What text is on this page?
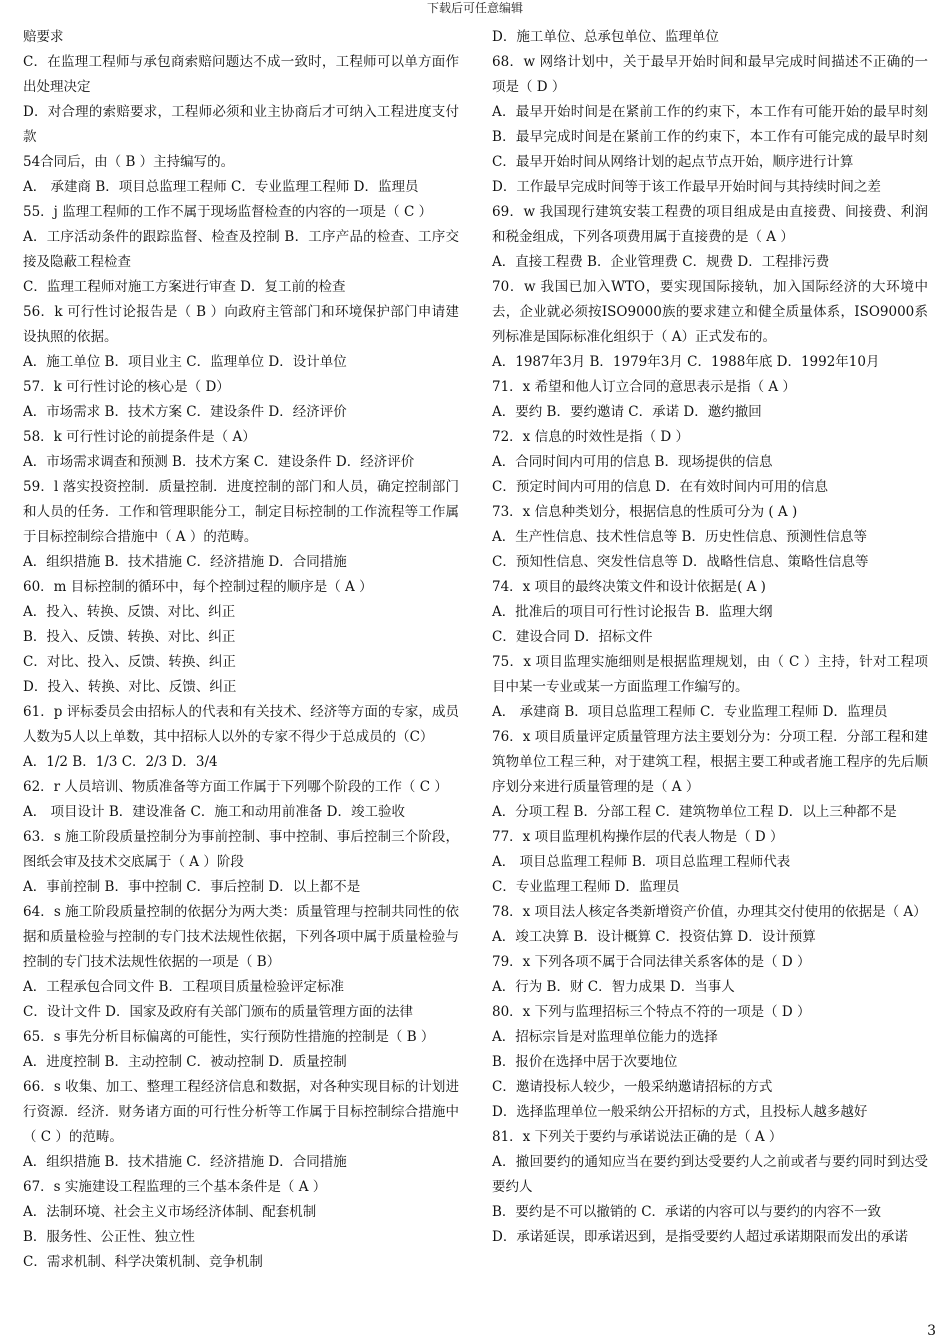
下载后可任意编辑

赔要求

C．在监理工程师与承包商索赔问题达不成一致时，工程师可以单方面作出处理决定

D．对合理的索赔要求，工程师必须和业主协商后才可纳入工程进度支付款

54合同后，由（ B ）主持编写的。

A． 承建商 B．项目总监理工程师 C．专业监理工程师 D．监理员

55．j 监理工程师的工作不属于现场监督检查的内容的一项是（ C ）

A．工序活动条件的跟踪监督、检查及控制 B．工序产品的检查、工序交接及隐蔽工程检查

C．监理工程师对施工方案进行审查 D．复工前的检查

56．k 可行性讨论报告是（ B ）向政府主管部门和环境保护部门申请建设执照的依据。

A．施工单位 B．项目业主 C．监理单位 D．设计单位

57．k 可行性讨论的核心是（ D）

A．市场需求 B．技术方案 C．建设条件 D．经济评价

58．k 可行性讨论的前提条件是（ A）

A．市场需求调查和预测 B．技术方案 C．建设条件 D．经济评价

59．l 落实投资控制．质量控制．进度控制的部门和人员，确定控制部门和人员的任务．工作和管理职能分工，制定目标控制的工作流程等工作属于目标控制综合措施中（ A ）的范畴。

A．组织措施 B．技术措施 C．经济措施 D．合同措施

60．m 目标控制的循环中，每个控制过程的顺序是（ A ）

A．投入、转换、反馈、对比、纠正

B．投入、反馈、转换、对比、纠正

C．对比、投入、反馈、转换、纠正

D．投入、转换、对比、反馈、纠正

61．p 评标委员会由招标人的代表和有关技术、经济等方面的专家，成员人数为5人以上单数，其中招标人以外的专家不得少于总成员的（C）

A．1/2 B．1/3 C．2/3 D．3/4

62．r 人员培训、物质准备等方面工作属于下列哪个阶段的工作（ C ）

A． 项目设计 B．建设准备 C．施工和动用前准备 D．竣工验收

63．s 施工阶段质量控制分为事前控制、事中控制、事后控制三个阶段，图纸会审及技术交底属于（ A ）阶段

A．事前控制 B．事中控制 C．事后控制 D．以上都不是

64．s 施工阶段质量控制的依据分为两大类：质量管理与控制共同性的依据和质量检验与控制的专门技术法规性依据，下列各项中属于质量检验与控制的专门技术法规性依据的一项是（ B）

A．工程承包合同文件 B．工程项目质量检验评定标准

C．设计文件 D．国家及政府有关部门颁布的质量管理方面的法律

65．s 事先分析目标偏离的可能性，实行预防性措施的控制是（ B ）

A．进度控制 B．主动控制 C．被动控制 D．质量控制

66．s 收集、加工、整理工程经济信息和数据，对各种实现目标的计划进行资源．经济．财务诸方面的可行性分析等工作属于目标控制综合措施中（ C ）的范畴。

A．组织措施 B．技术措施 C．经济措施 D．合同措施

67．s 实施建设工程监理的三个基本条件是（ A ）

A．法制环境、社会主义市场经济体制、配套机制

B．服务性、公正性、独立性

C．需求机制、科学决策机制、竞争机制

D．施工单位、总承包单位、监理单位

68．w 网络计划中，关于最早开始时间和最早完成时间描述不正确的一项是（ D ）

A．最早开始时间是在紧前工作的约束下，本工作有可能开始的最早时刻 B．最早完成时间是在紧前工作的约束下，本工作有可能完成的最早时刻 C．最早开始时间从网络计划的起点节点开始，顺序进行计算

D．工作最早完成时间等于该工作最早开始时间与其持续时间之差

69．w 我国现行建筑安装工程费的项目组成是由直接费、间接费、利润和税金组成，下列各项费用属于直接费的是（ A ）

A．直接工程费 B．企业管理费 C．规费 D．工程排污费

70．w 我国已加入WTO，要实现国际接轨，加入国际经济的大环境中去，企业就必须按ISO9000族的要求建立和健全质量体系，ISO9000系列标准是国际标准化组织于（ A）正式发布的。

A．1987年3月 B．1979年3月 C．1988年底 D．1992年10月

71．x 希望和他人订立合同的意思表示是指（ A ）

A．要约 B．要约邀请 C．承诺 D．邀约撤回

72．x 信息的时效性是指（ D ）

A．合同时间内可用的信息 B．现场提供的信息

C．预定时间内可用的信息 D．在有效时间内可用的信息

73．x 信息种类划分，根据信息的性质可分为 ( A )

A．生产性信息、技术性信息等 B．历史性信息、预测性信息等

C．预知性信息、突发性信息等 D．战略性信息、策略性信息等

74．x 项目的最终决策文件和设计依据是( A )

A．批准后的项目可行性讨论报告 B．监理大纲

C．建设合同 D．招标文件

75．x 项目监理实施细则是根据监理规划，由（ C ）主持，针对工程项目中某一专业或某一方面监理工作编写的。

A． 承建商 B．项目总监理工程师 C．专业监理工程师 D．监理员

76．x 项目质量评定质量管理方法主要划分为：分项工程．分部工程和建筑物单位工程三种，对于建筑工程，根据主要工种或者施工程序的先后顺序划分来进行质量管理的是（ A ）

A．分项工程 B．分部工程 C．建筑物单位工程 D．以上三种都不是

77．x 项目监理机构操作层的代表人物是（ D ）

A． 项目总监理工程师 B．项目总监理工程师代表

C．专业监理工程师 D．监理员

78．x 项目法人核定各类新增资产价值，办理其交付使用的依据是（ A）

A．竣工决算 B．设计概算 C．投资估算 D．设计预算

79．x 下列各项不属于合同法律关系客体的是（ D ）

A．行为 B．财 C．智力成果 D．当事人

80．x 下列与监理招标三个特点不符的一项是（ D ）

A．招标宗旨是对监理单位能力的选择

B．报价在选择中居于次要地位

C．邀请投标人较少，一般采纳邀请招标的方式

D．选择监理单位一般采纳公开招标的方式，且投标人越多越好

81．x 下列关于要约与承诺说法正确的是（ A ）

A．撤回要约的通知应当在要约到达受要约人之前或者与要约同时到达受要约人

B．要约是不可以撤销的 C．承诺的内容可以与要约的内容不一致

D．承诺延误，即承诺迟到，是指受要约人超过承诺期限而发出的承诺

3
